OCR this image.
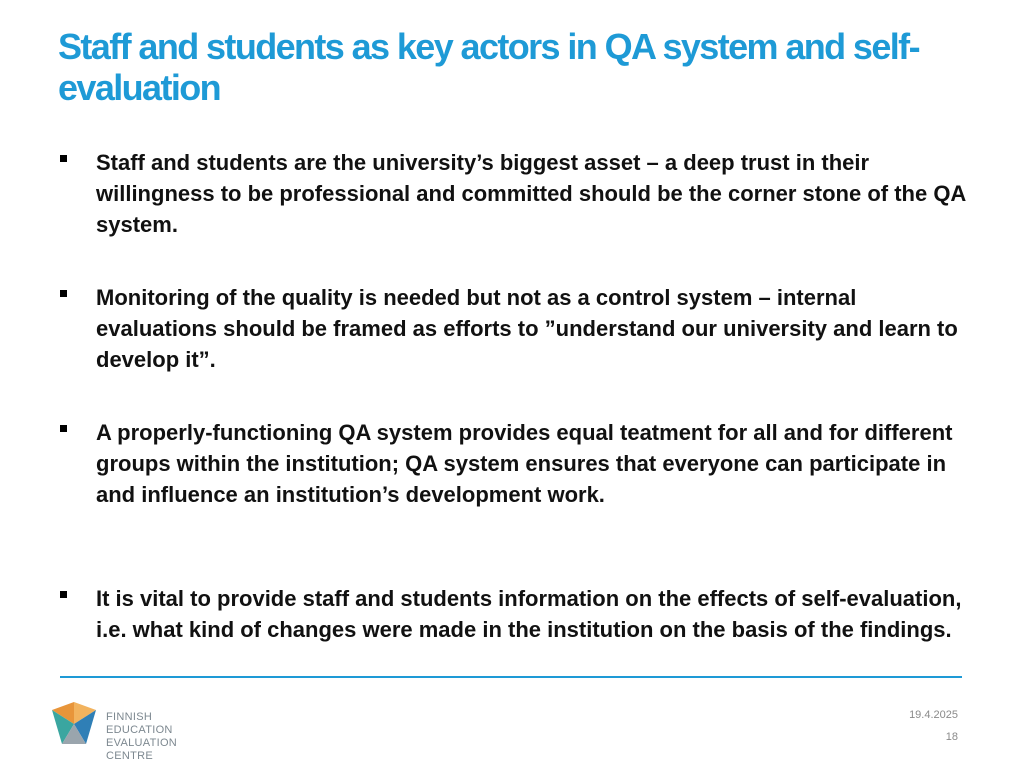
Staff and students as key actors in QA system and self-evaluation
Staff and students are the university’s biggest asset – a deep trust in their willingness to be professional and committed should be the corner stone of the QA system.
Monitoring of the quality is needed but not as a control system – internal evaluations should be framed as efforts to ”understand our university and learn to develop it”.
A properly-functioning QA system provides equal teatment for all and for different groups within the institution; QA system ensures that everyone can participate in and influence an institution’s development work.
It is vital to provide staff and students information on the effects of self-evaluation, i.e. what kind of changes were made in the institution on the basis of the findings.
FINNISH EDUCATION
EVALUATION CENTRE
19.4.2025
18
